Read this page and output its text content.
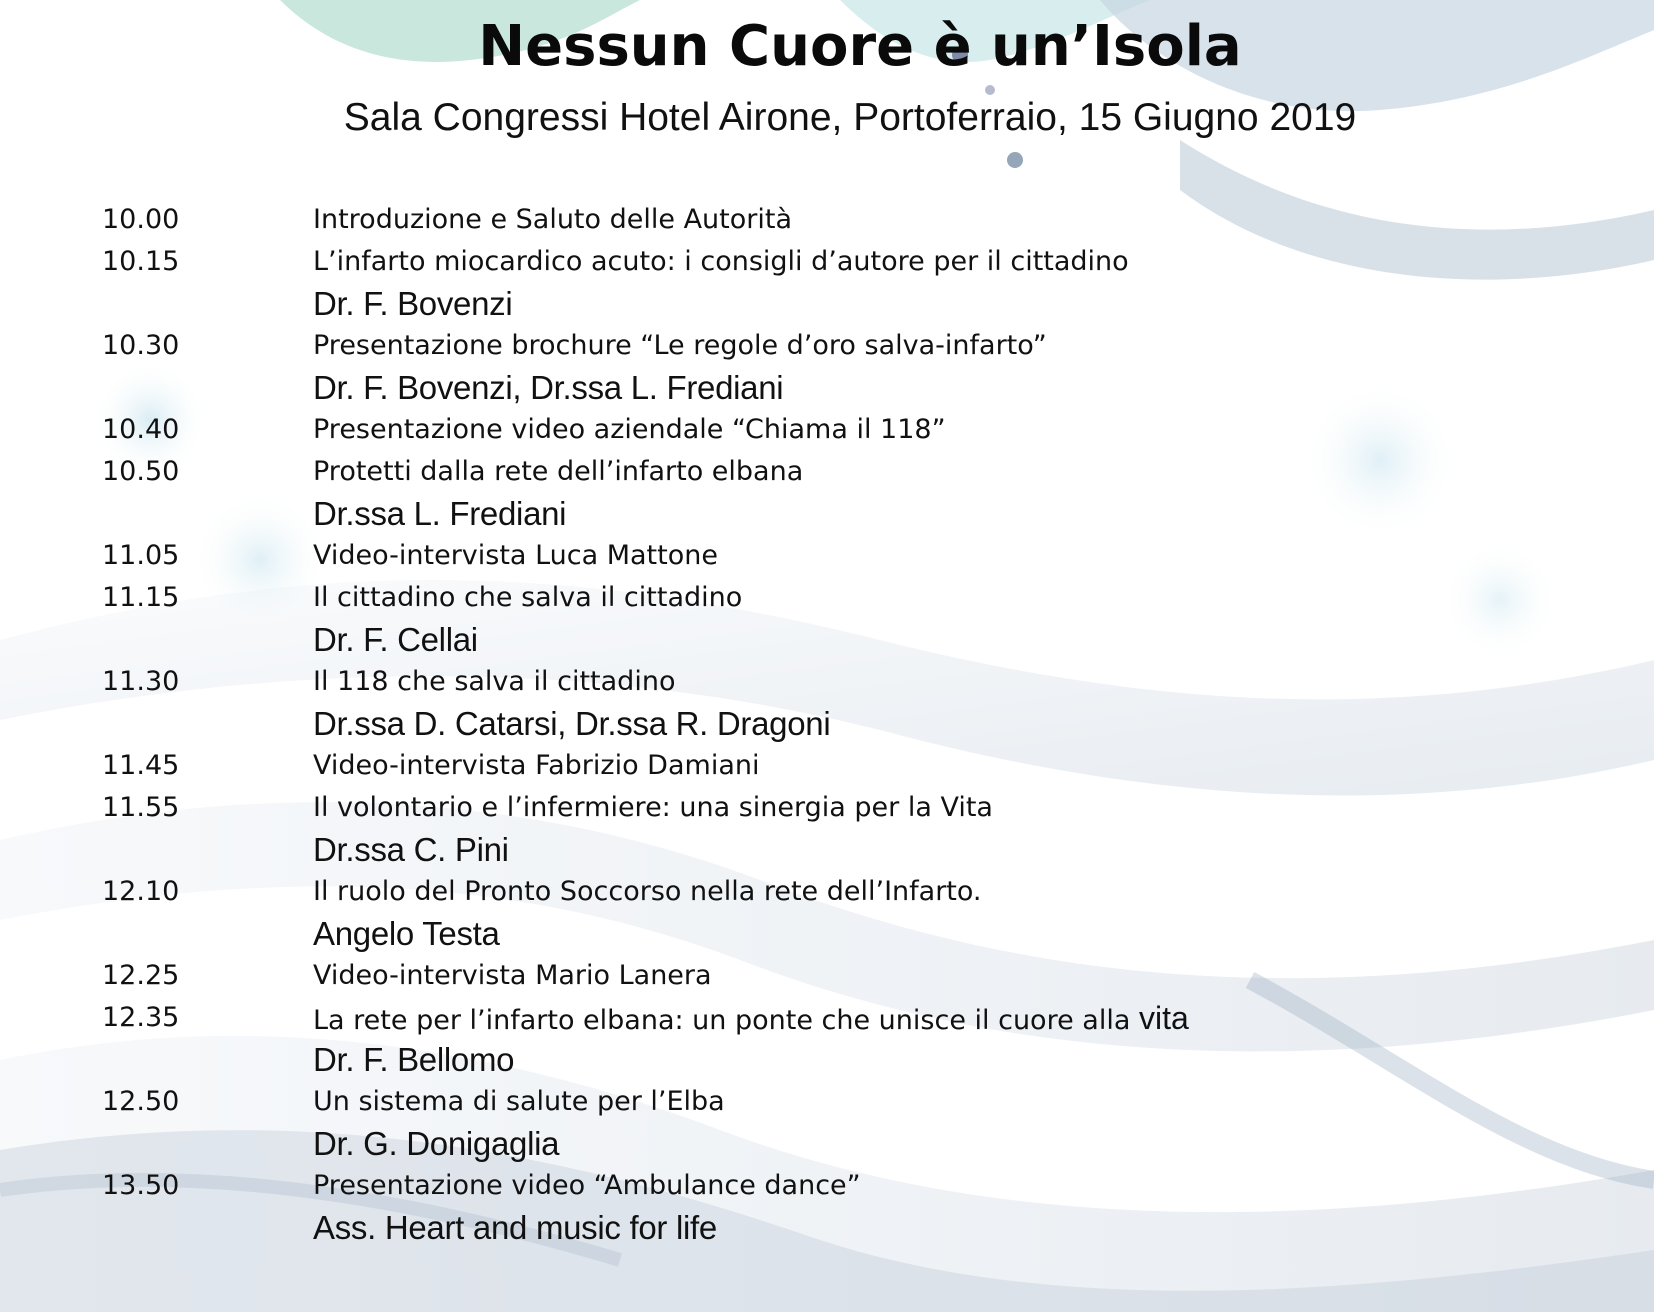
Nessun Cuore è un’Isola
Sala Congressi Hotel Airone, Portoferraio, 15 Giugno 2019
10.00	Introduzione e Saluto delle Autorità
10.15	L’infarto miocardico acuto: i consigli d’autore per il cittadino
Dr. F. Bovenzi
10.30	Presentazione brochure “Le regole d’oro salva-infarto”
Dr. F. Bovenzi, Dr.ssa L. Frediani
10.40	Presentazione video aziendale “Chiama il 118”
10.50	Protetti dalla rete dell’infarto elbana
Dr.ssa L. Frediani
11.05	Video-intervista Luca Mattone
11.15	Il cittadino che salva il cittadino
Dr. F. Cellai
11.30	Il 118 che salva il cittadino
Dr.ssa D. Catarsi, Dr.ssa R. Dragoni
11.45	Video-intervista Fabrizio Damiani
11.55	Il volontario e l’infermiere: una sinergia per la Vita
Dr.ssa C. Pini
12.10	Il ruolo del Pronto Soccorso nella rete dell’Infarto.
Angelo Testa
12.25	Video-intervista Mario Lanera
12.35	La rete per l’infarto elbana: un ponte che unisce il cuore alla vita
Dr. F. Bellomo
12.50	Un sistema di salute per l’Elba
Dr. G. Donigaglia
13.50	Presentazione video “Ambulance dance”
Ass. Heart and music for life
